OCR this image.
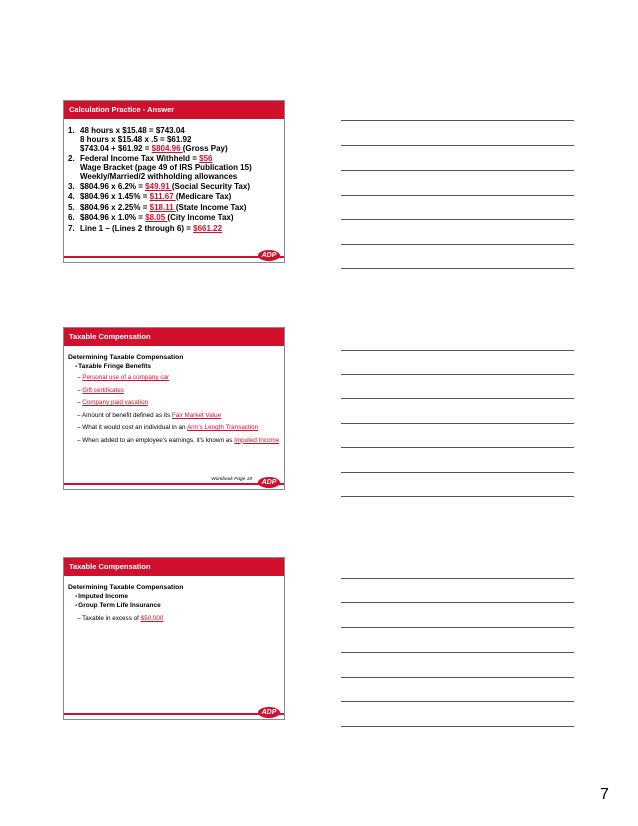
Calculation Practice - Answer
1. 48 hours x $15.48 = $743.04
8 hours x $15.48 x .5 = $61.92
$743.04 + $61.92 = $804.96 (Gross Pay)
2. Federal Income Tax Withheld = $56
Wage Bracket (page 49 of IRS Publication 15)
Weekly/Married/2 withholding allowances
3. $804.96 x 6.2% = $49.91 (Social Security Tax)
4. $804.96 x 1.45% = $11.67 (Medicare Tax)
5. $804.96 x 2.25% = $18.11 (State Income Tax)
6. $804.96 x 1.0% = $8.05 (City Income Tax)
7. Line 1 – (Lines 2 through 6) = $661.22
ADP
Taxable Compensation
Determining Taxable Compensation
▪Taxable Fringe Benefits
– Personal use of a company car
– Gift certificates
– Company paid vacation
– Amount of benefit defined as its Fair Market Value
– What it would cost an individual in an Arm's Length Transaction
– When added to an employee's earnings, it's known as Imputed Income
Workbook Page 18	ADP
Taxable Compensation
Determining Taxable Compensation
▪Imputed Income
▪Group Term Life Insurance
– Taxable in excess of $50,000
ADP
7
